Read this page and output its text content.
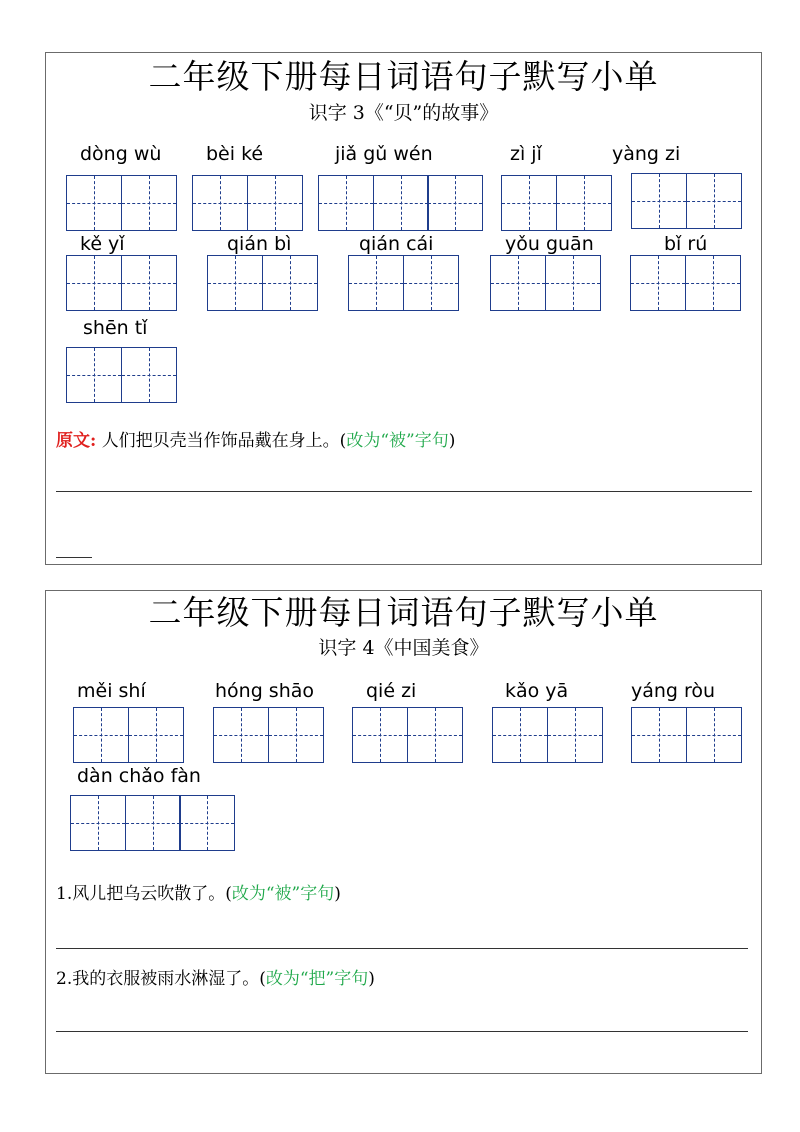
二年级下册每日词语句子默写小单
识字 3《“贝”的故事》
dòng wù bèi ké	jiǎ gǔ wén	zì jǐ	yàng zi
kě yǐ	qián bì	qián cái	yǒu guān	bǐ rú
shēn tǐ
原文: 人们把贝壳当作饰品戴在身上。(改为“被”字句)
二年级下册每日词语句子默写小单
识字 4《中国美食》
měi shí	hóng shāo	qié zi	kǎo yā	yáng ròu
dàn chǎo fàn
1.风儿把乌云吹散了。(改为“被”字句)
2.我的衣服被雨水淋湿了。(改为“把”字句)
